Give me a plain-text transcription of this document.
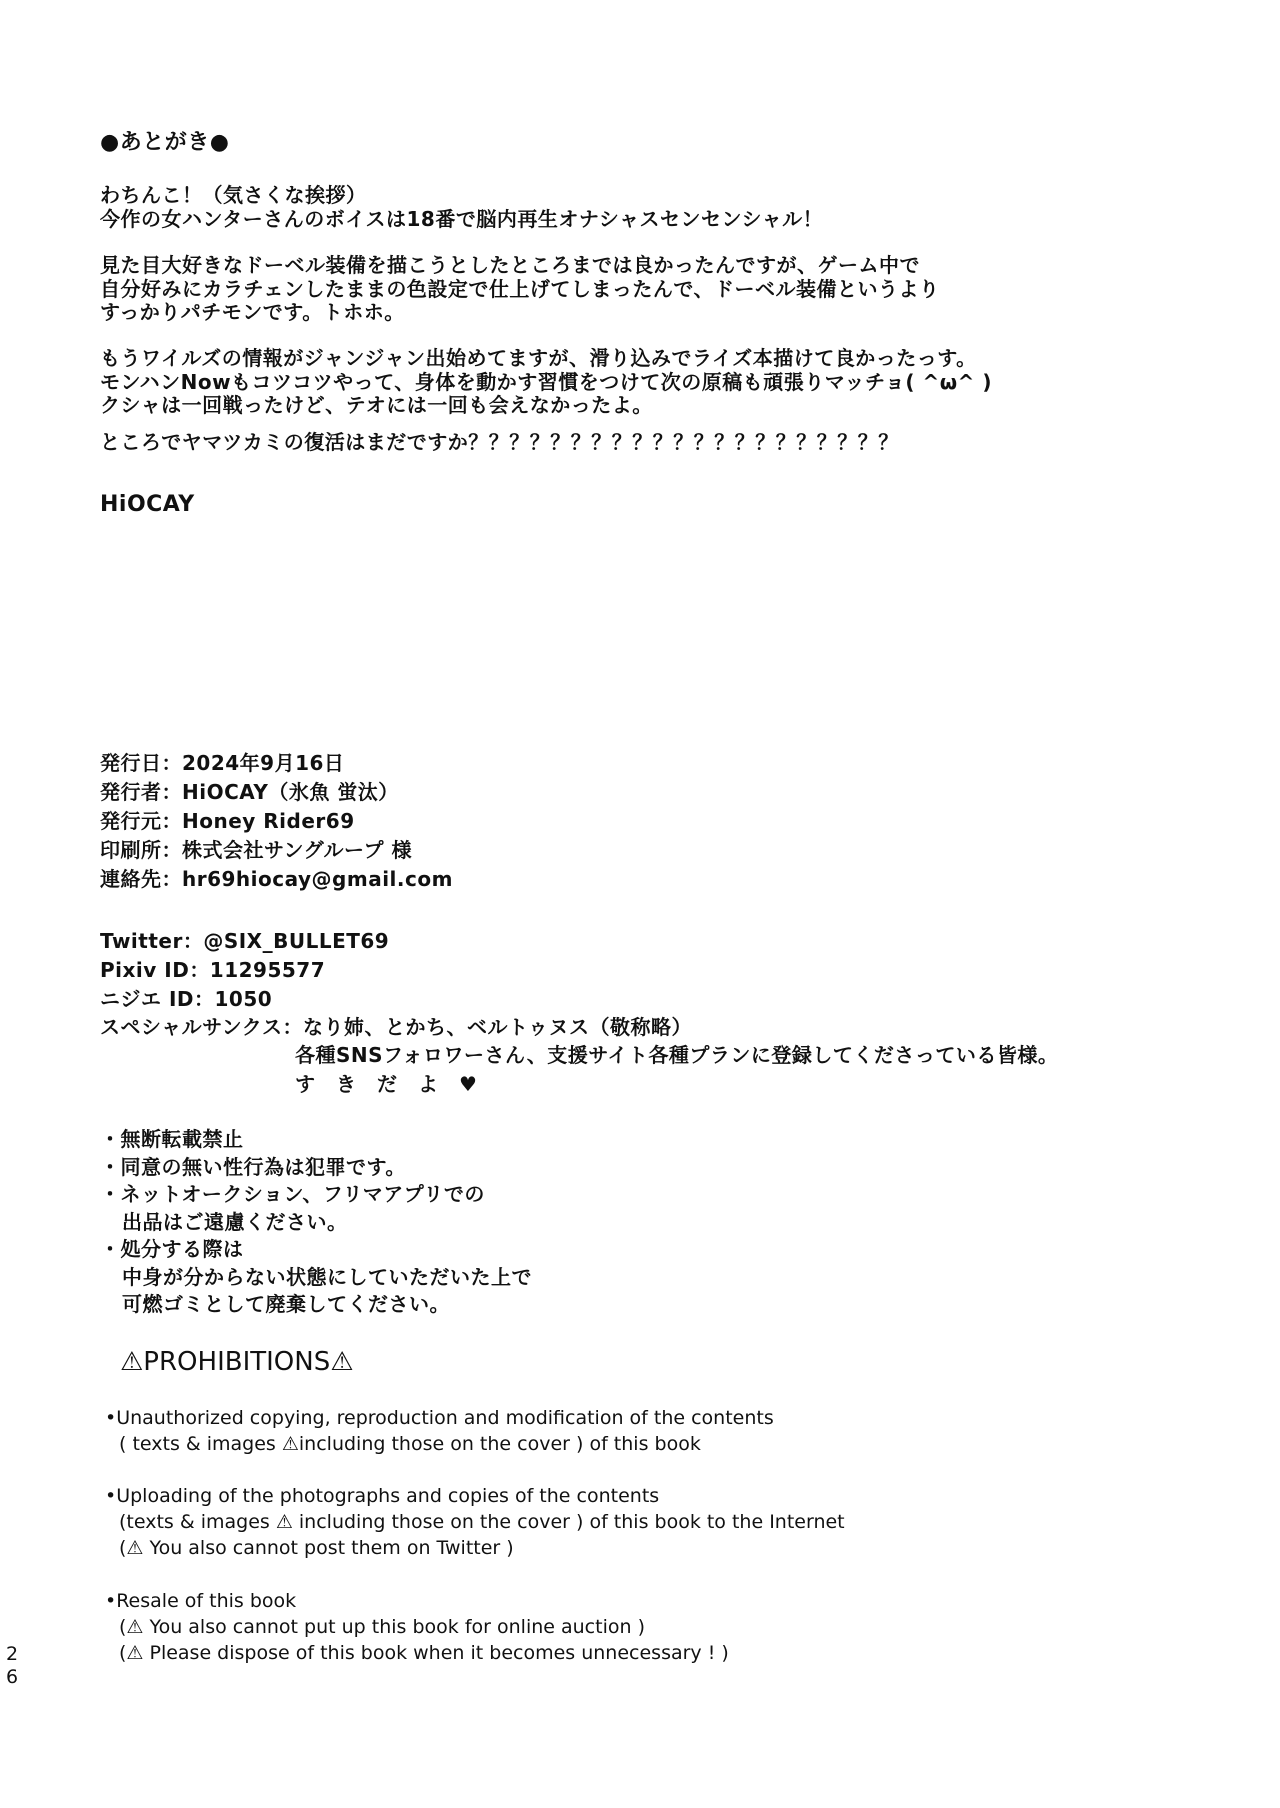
●あとがき●
わちんこ！（気さくな挨拶）
今作の女ハンターさんのボイスは18番で脳内再生オナシャスセンセンシャル！
見た目大好きなドーベル装備を描こうとしたところまでは良かったんですが、ゲーム中で
自分好みにカラチェンしたままの色設定で仕上げてしまったんで、ドーベル装備というより
すっかりパチモンです。トホホ。
もうワイルズの情報がジャンジャン出始めてますが、滑り込みでライズ本描けて良かったっす。
モンハンNowもコツコツやって、身体を動かす習慣をつけて次の原稿も頑張りマッチョ( ^ω^ )
クシャは一回戦ったけど、テオには一回も会えなかったよ。
ところでヤマツカミの復活はまだですか？？？？？？？？？？？？？？？？？？？？？
HiOCAY
発行日：2024年9月16日
発行者：HiOCAY（氷魚 蛍汰）
発行元：Honey Rider69
印刷所：株式会社サングループ 様
連絡先：hr69hiocay@gmail.com
Twitter：@SIX_BULLET69
Pixiv ID：11295577
ニジエ ID：1050
スペシャルサンクス：なり姉、とかち、ベルトゥヌス（敬称略）
各種SNSフォロワーさん、支援サイト各種プランに登録してくださっている皆様。
す　き　だ　よ　♥
・無断転載禁止
・同意の無い性行為は犯罪です。
・ネットオークション、フリマアプリでの
出品はご遠慮ください。
・処分する際は
中身が分からない状態にしていただいた上で
可燃ゴミとして廃棄してください。
⚠PROHIBITIONS⚠
•Unauthorized copying, reproduction and modification of the contents
( texts & images ⚠including those on the cover ) of this book
•Uploading of the photographs and copies of the contents
(texts & images ⚠ including those on the cover ) of this book to the Internet
(⚠ You also cannot post them on Twitter )
•Resale of this book
(⚠ You also cannot put up this book for online auction )
(⚠ Please dispose of this book when it becomes unnecessary ! )
26
